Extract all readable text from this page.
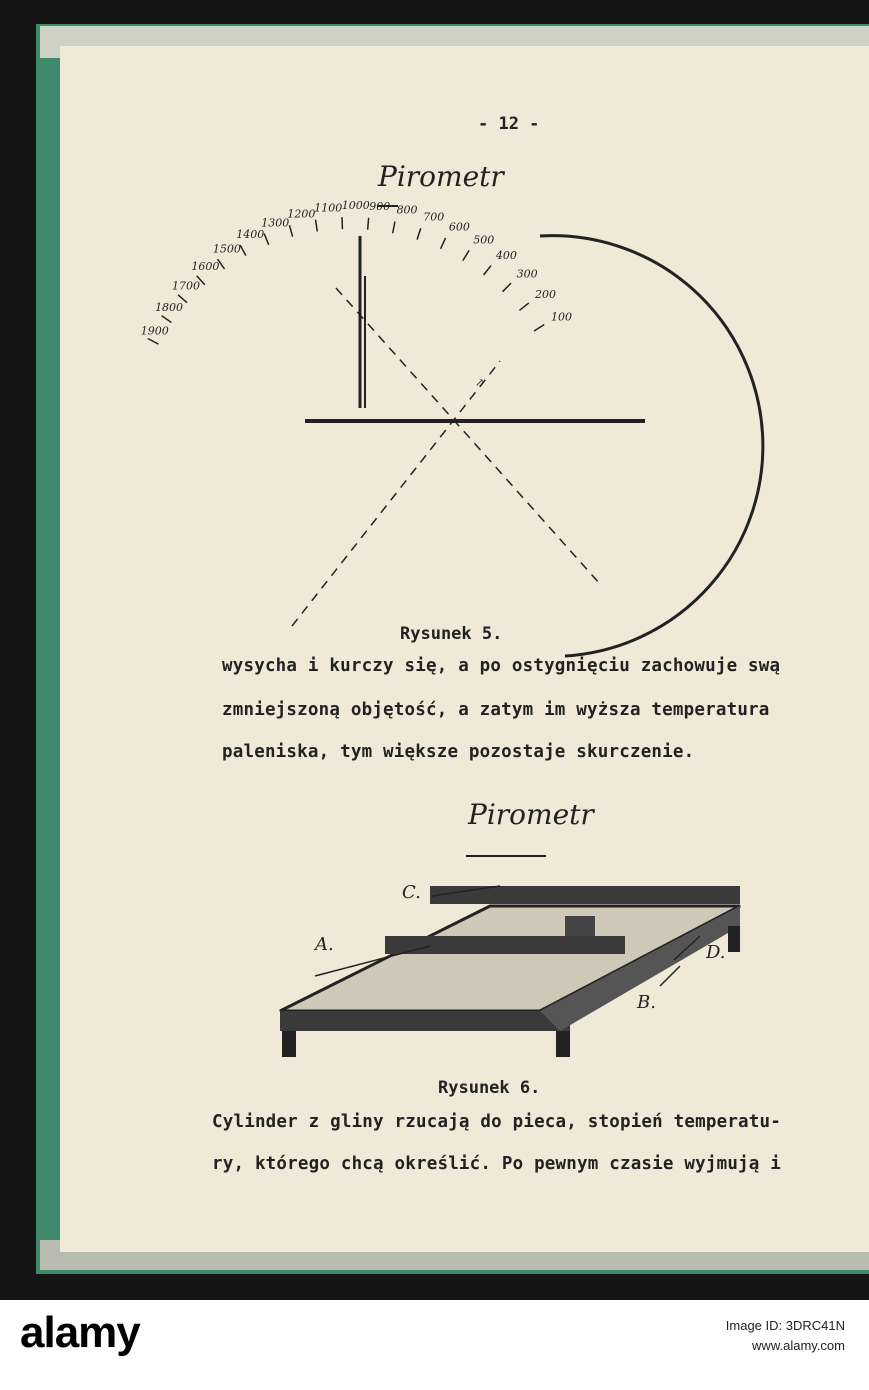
- 12 -
Pirometr
1900
1800
1700
1600
1500
1400
1300
1200
1100 1000 900 800
700
600
500
400
300
200
100
↗
Rysunek 5.
wysycha i kurczy się, a po ostygnięciu zachowuje swą
zmniejszoną objętość, a zatym im wyższa temperatura
paleniska, tym większe pozostaje skurczenie.
Pirometr
C.
A.	D.
B.
Rysunek 6.
Cylinder z gliny rzucają do pieca, stopień temperatu-
ry, którego chcą określić. Po pewnym czasie wyjmują i
alamy	Image ID: 3DRC41N
www.alamy.com
